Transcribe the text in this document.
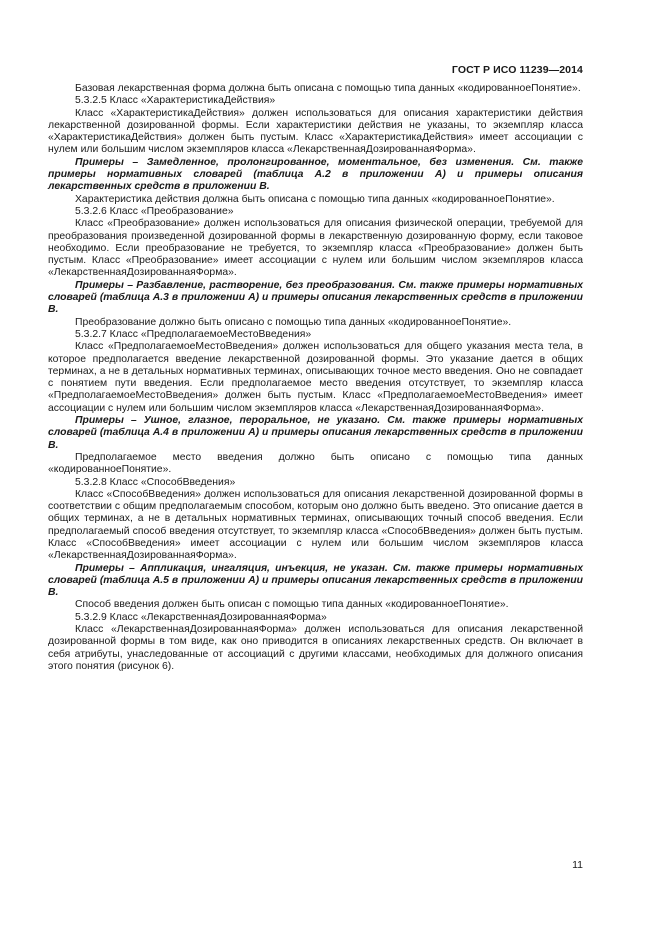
ГОСТ Р ИСО 11239—2014

Базовая лекарственная форма должна быть описана с помощью типа данных «кодированноеПонятие».

5.3.2.5 Класс «ХарактеристикаДействия»

Класс «ХарактеристикаДействия» должен использоваться для описания характеристики действия лекарственной дозированной формы. Если характеристики действия не указаны, то экземпляр класса «ХарактеристикаДействия» должен быть пустым. Класс «ХарактеристикаДействия» имеет ассоциации с нулем или большим числом экземпляров класса «ЛекарственнаяДозированнаяФорма».

Примеры – Замедленное, пролонгированное, моментальное, без изменения. См. также примеры нормативных словарей (таблица А.2 в приложении А) и примеры описания лекарственных средств в приложении В.

Характеристика действия должна быть описана с помощью типа данных «кодированноеПонятие».

5.3.2.6 Класс «Преобразование»

Класс «Преобразование» должен использоваться для описания физической операции, требуемой для преобразования произведенной дозированной формы в лекарственную дозированную форму, если таковое необходимо. Если преобразование не требуется, то экземпляр класса «Преобразование» должен быть пустым. Класс «Преобразование» имеет ассоциации с нулем или большим числом экземпляров класса «ЛекарственнаяДозированнаяФорма».

Примеры – Разбавление, растворение, без преобразования. См. также примеры нормативных словарей (таблица А.3 в приложении А) и примеры описания лекарственных средств в приложении В.

Преобразование должно быть описано с помощью типа данных «кодированноеПонятие».

5.3.2.7 Класс «ПредполагаемоеМестоВведения»

Класс «ПредполагаемоеМестоВведения» должен использоваться для общего указания места тела, в которое предполагается введение лекарственной дозированной формы. Это указание дается в общих терминах, а не в детальных нормативных терминах, описывающих точное место введения. Оно не совпадает с понятием пути введения. Если предполагаемое место введения отсутствует, то экземпляр класса «ПредполагаемоеМестоВведения» должен быть пустым. Класс «ПредполагаемоеМестоВведения» имеет ассоциации с нулем или большим числом экземпляров класса «ЛекарственнаяДозированнаяФорма».

Примеры – Ушное, глазное, пероральное, не указано. См. также примеры нормативных словарей (таблица А.4 в приложении А) и примеры описания лекарственных средств в приложении В.

Предполагаемое место введения должно быть описано с помощью типа данных «кодированноеПонятие».

5.3.2.8 Класс «СпособВведения»

Класс «СпособВведения» должен использоваться для описания лекарственной дозированной формы в соответствии с общим предполагаемым способом, которым оно должно быть введено. Это описание дается в общих терминах, а не в детальных нормативных терминах, описывающих точный способ введения. Если предполагаемый способ введения отсутствует, то экземпляр класса «СпособВведения» должен быть пустым. Класс «СпособВведения» имеет ассоциации с нулем или большим числом экземпляров класса «ЛекарственнаяДозированнаяФорма».

Примеры – Аппликация, ингаляция, инъекция, не указан. См. также примеры нормативных словарей (таблица А.5 в приложении А) и примеры описания лекарственных средств в приложении В.

Способ введения должен быть описан с помощью типа данных «кодированноеПонятие».

5.3.2.9 Класс «ЛекарственнаяДозированнаяФорма»

Класс «ЛекарственнаяДозированнаяФорма» должен использоваться для описания лекарственной дозированной формы в том виде, как оно приводится в описаниях лекарственных средств. Он включает в себя атрибуты, унаследованные от ассоциаций с другими классами, необходимых для должного описания этого понятия (рисунок 6).

11
